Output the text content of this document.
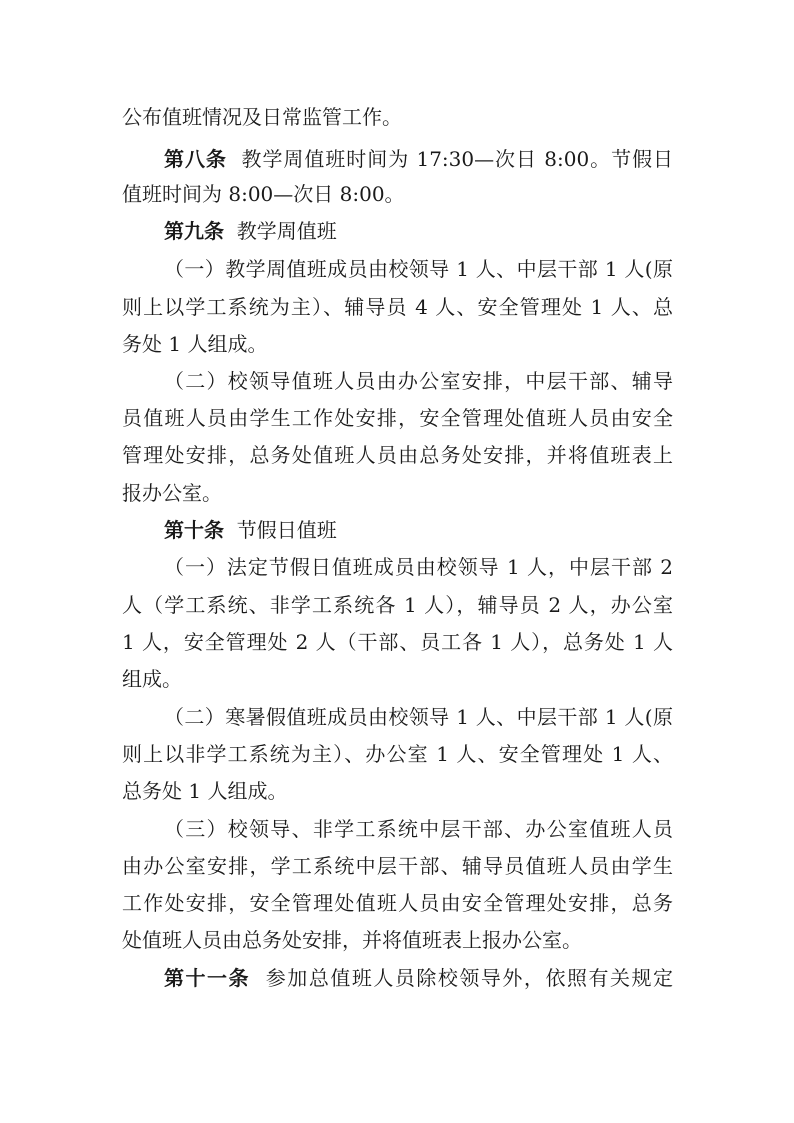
公布值班情况及日常监管工作。
第八条 教学周值班时间为 17:30—次日 8:00。节假日
值班时间为 8:00—次日 8:00。
第九条 教学周值班
（一）教学周值班成员由校领导 1 人、中层干部 1 人(原
则上以学工系统为主）、辅导员 4 人、安全管理处 1 人、总
务处 1 人组成。
（二）校领导值班人员由办公室安排，中层干部、辅导
员值班人员由学生工作处安排，安全管理处值班人员由安全
管理处安排，总务处值班人员由总务处安排，并将值班表上
报办公室。
第十条 节假日值班
（一）法定节假日值班成员由校领导 1 人，中层干部 2
人（学工系统、非学工系统各 1 人），辅导员 2 人，办公室
1 人，安全管理处 2 人（干部、员工各 1 人），总务处 1 人
组成。
（二）寒暑假值班成员由校领导 1 人、中层干部 1 人(原
则上以非学工系统为主）、办公室 1 人、安全管理处 1 人、
总务处 1 人组成。
（三）校领导、非学工系统中层干部、办公室值班人员
由办公室安排，学工系统中层干部、辅导员值班人员由学生
工作处安排，安全管理处值班人员由安全管理处安排，总务
处值班人员由总务处安排，并将值班表上报办公室。
第十一条 参加总值班人员除校领导外，依照有关规定
